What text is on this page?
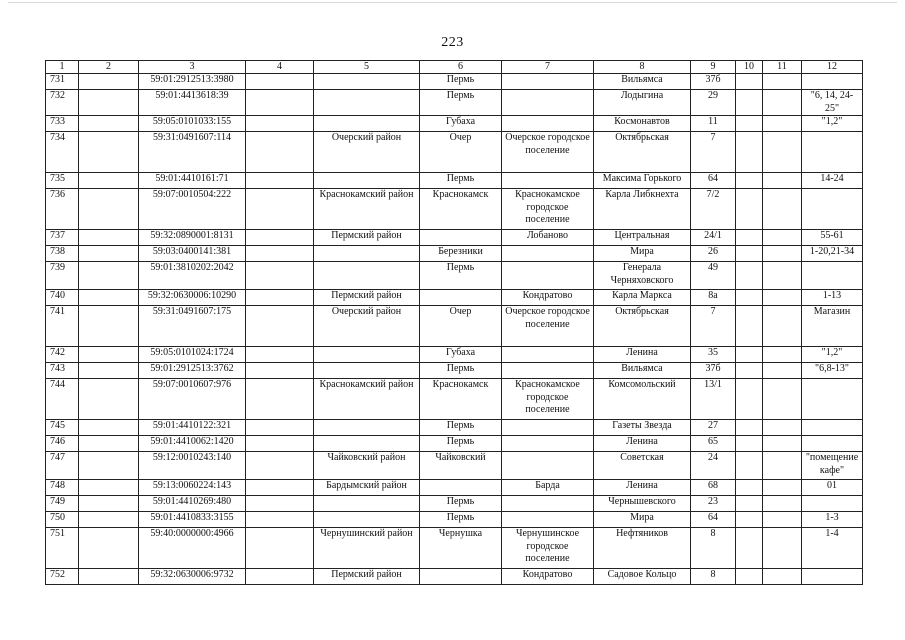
223
1	2	3	4	5	6	7	8	9	10	11	12
731		59:01:2912513:3980			Пермь		Вильямса	37б			
732		59:01:4413618:39			Пермь		Лодыгина	29			"6, 14, 24-25"
733		59:05:0101033:155			Губаха		Космонавтов	11			"1,2"
734		59:31:0491607:114		Очерский район	Очер	Очерское городское поселение	Октябрьская	7			
735		59:01:4410161:71			Пермь		Максима Горького	64			14-24
736		59:07:0010504:222		Краснокамский район	Краснокамск	Краснокамское городское поселение	Карла Либкнехта	7/2			
737		59:32:0890001:8131		Пермский район		Лобаново	Центральная	24/1			55-61
738		59:03:0400141:381			Березники		Мира	26			1-20,21-34
739		59:01:3810202:2042			Пермь		Генерала Черняховского	49			
740		59:32:0630006:10290		Пермский район		Кондратово	Карла Маркса	8а			1-13
741		59:31:0491607:175		Очерский район	Очер	Очерское городское поселение	Октябрьская	7			Магазин
742		59:05:0101024:1724			Губаха		Ленина	35			"1,2"
743		59:01:2912513:3762			Пермь		Вильямса	37б			"6,8-13"
744		59:07:0010607:976		Краснокамский район	Краснокамск	Краснокамское городское поселение	Комсомольский	13/1			
745		59:01:4410122:321			Пермь		Газеты Звезда	27			
746		59:01:4410062:1420			Пермь		Ленина	65			
747		59:12:0010243:140		Чайковский район	Чайковский		Советская	24			"помещение кафе"
748		59:13:0060224:143		Бардымский район		Барда	Ленина	68			01
749		59:01:4410269:480			Пермь		Чернышевского	23			
750		59:01:4410833:3155			Пермь		Мира	64			1-3
751		59:40:0000000:4966		Чернушинский район	Чернушка	Чернушинское городское поселение	Нефтяников	8			1-4
752		59:32:0630006:9732		Пермский район		Кондратово	Садовое Кольцо	8			
